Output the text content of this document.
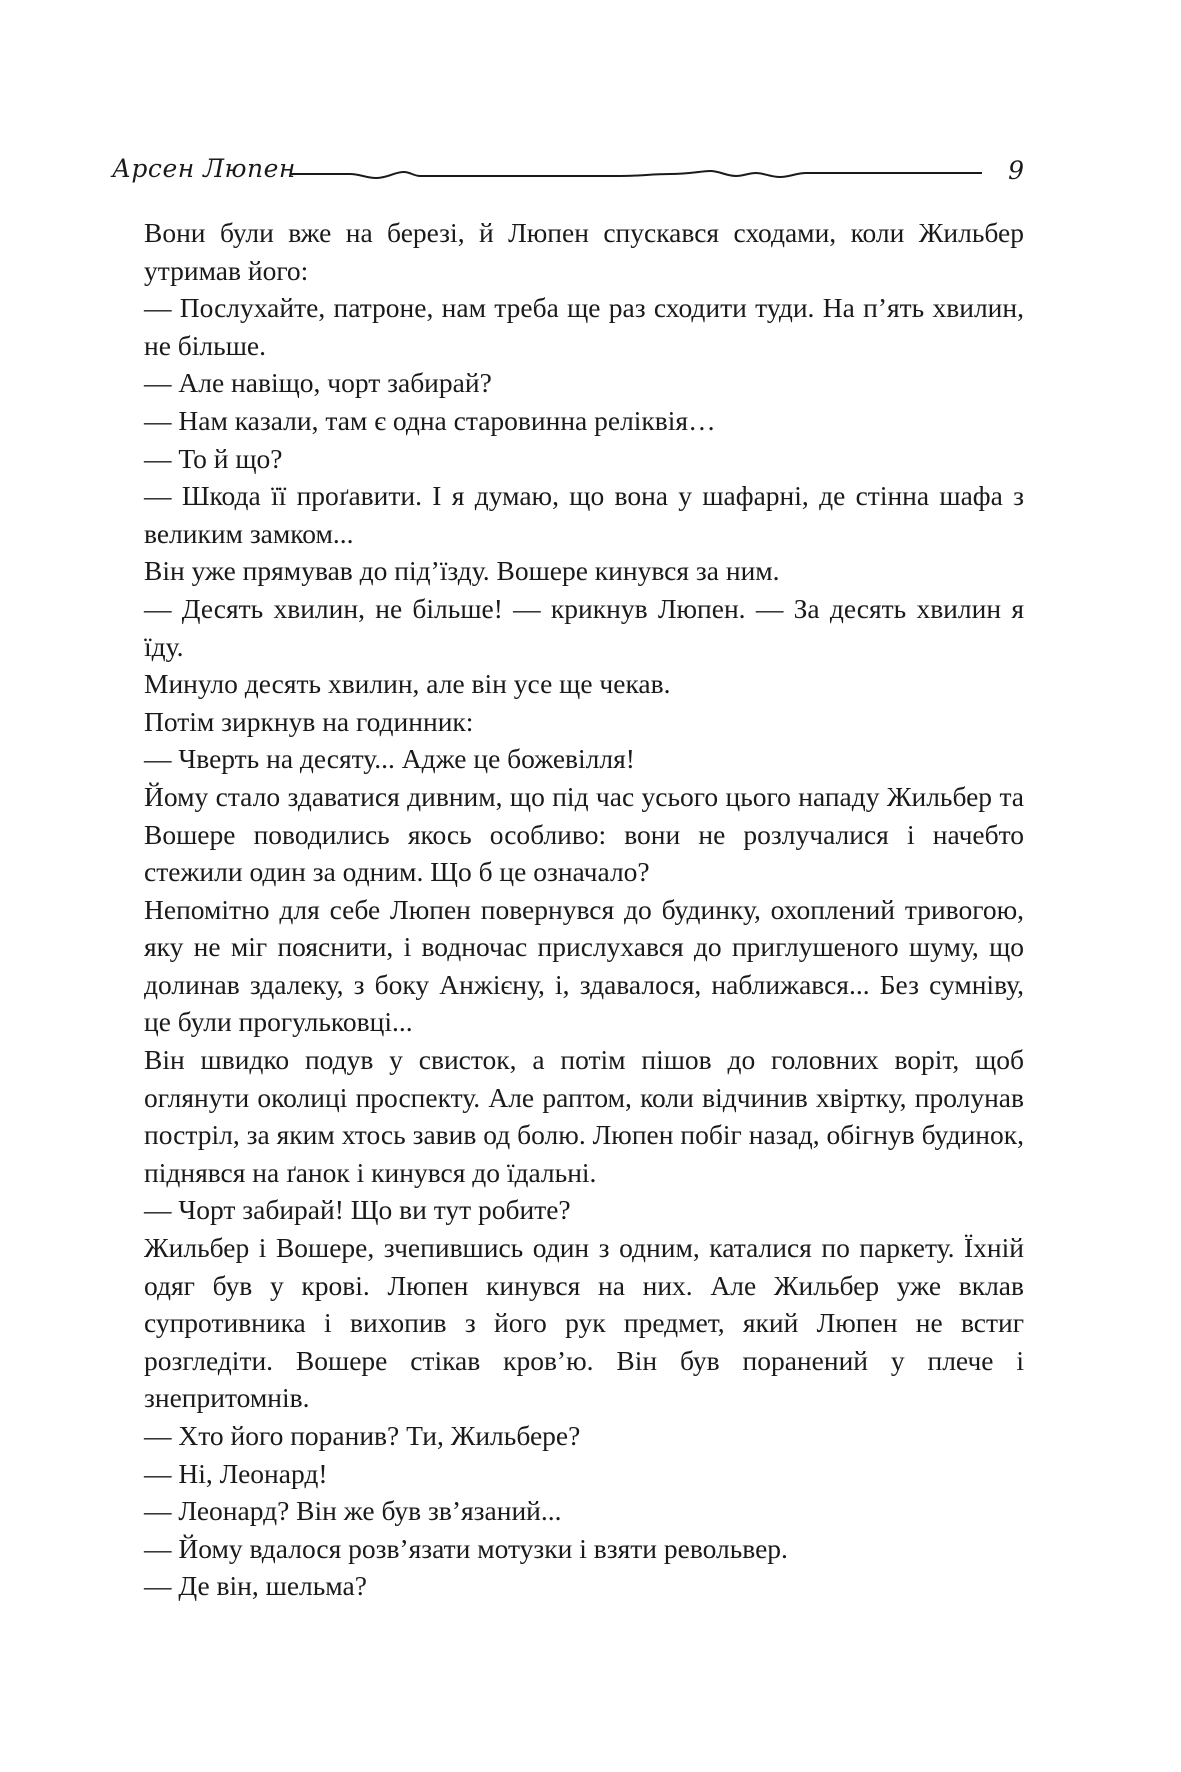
Арсен Люпен	9

Вони були вже на березі, й Люпен спускався сходами, коли Жильбер утримав його:

— Послухайте, патроне, нам треба ще раз сходити туди. На п’ять хвилин, не більше.

— Але навіщо, чорт забирай?

— Нам казали, там є одна старовинна реліквія…

— То й що?

— Шкода її проґавити. І я думаю, що вона у шафарні, де стінна шафа з великим замком...

Він уже прямував до під’їзду. Вошере кинувся за ним.

— Десять хвилин, не більше! — крикнув Люпен. — За десять хвилин я їду.

Минуло десять хвилин, але він усе ще чекав.

Потім зиркнув на годинник:

— Чверть на десяту... Адже це божевілля!

Йому стало здаватися дивним, що під час усього цього нападу Жильбер та Вошере поводились якось особливо: вони не розлучалися і начебто стежили один за одним. Що б це означало?

Непомітно для себе Люпен повернувся до будинку, охоплений тривогою, яку не міг пояснити, і водночас прислухався до приглушеного шуму, що долинав здалеку, з боку Анжієну, і, здавалося, наближався... Без сумніву, це були прогульковці...

Він швидко подув у свисток, а потім пішов до головних воріт, щоб оглянути околиці проспекту. Але раптом, коли відчинив хвіртку, пролунав постріл, за яким хтось завив од болю. Люпен побіг назад, обігнув будинок, піднявся на ґанок і кинувся до їдальні.

— Чорт забирай! Що ви тут робите?

Жильбер і Вошере, зчепившись один з одним, каталися по паркету. Їхній одяг був у крові. Люпен кинувся на них. Але Жильбер уже вклав супротивника і вихопив з його рук предмет, який Люпен не встиг розгледіти. Вошере стікав кров’ю. Він був поранений у плече і знепритомнів.

— Хто його поранив? Ти, Жильбере?

— Ні, Леонард!

— Леонард? Він же був зв’язаний...

— Йому вдалося розв’язати мотузки і взяти револьвер.

— Де він, шельма?
